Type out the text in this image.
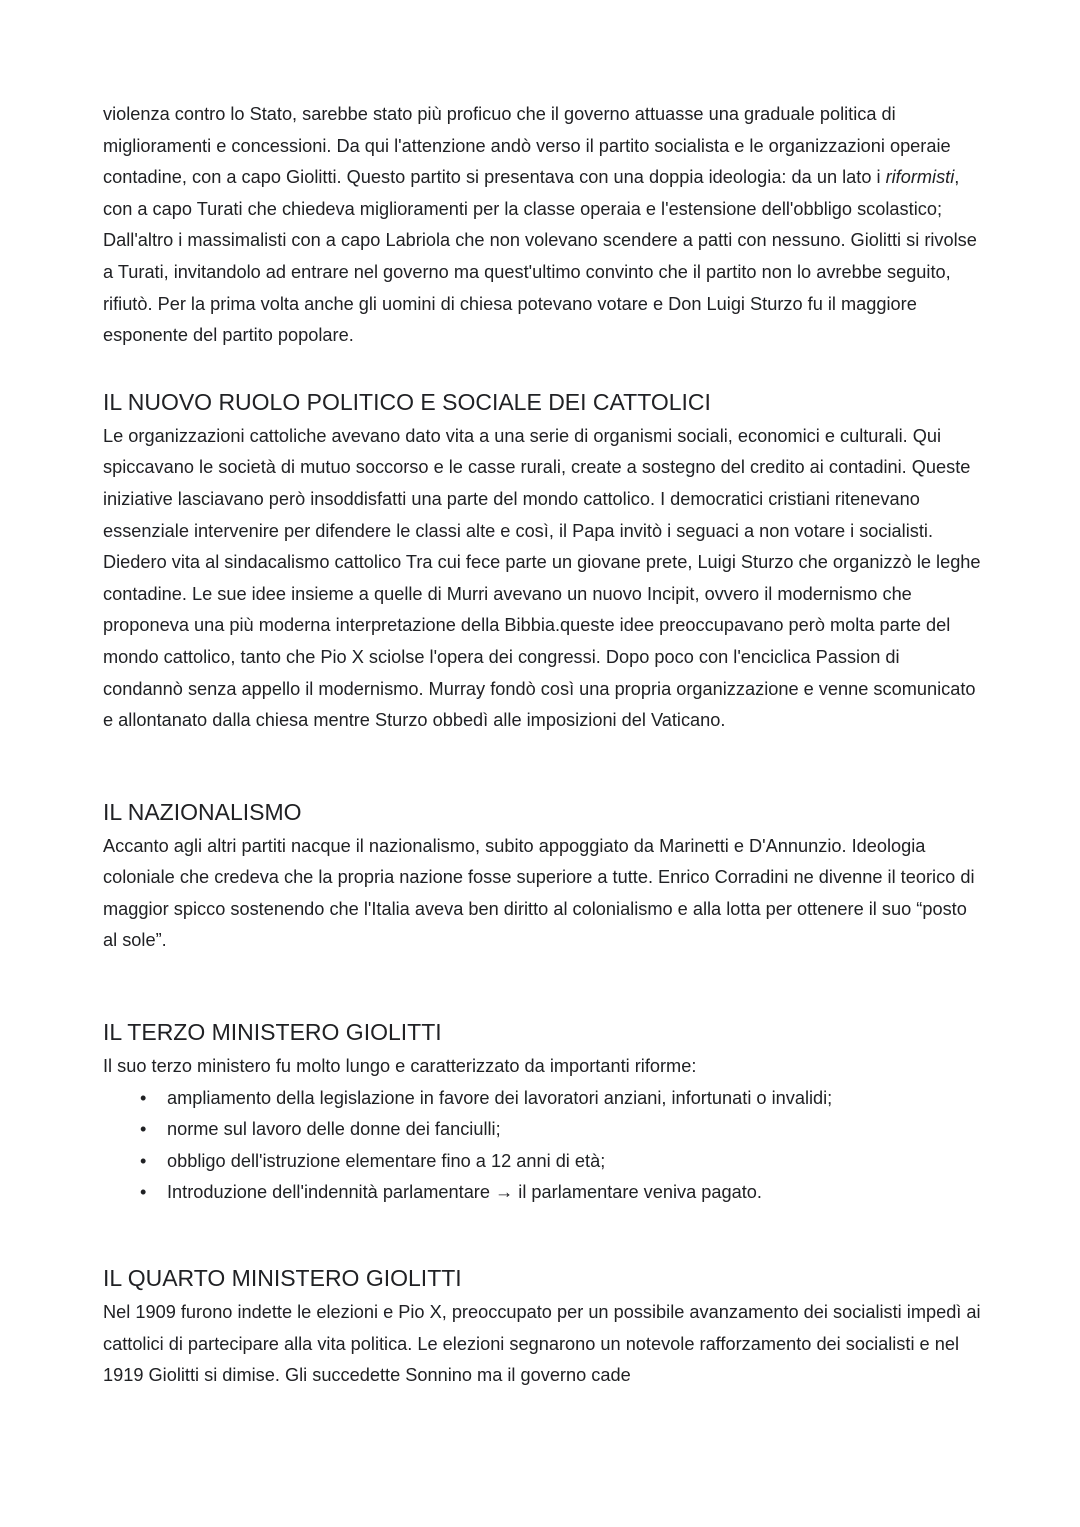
violenza contro lo Stato, sarebbe stato più proficuo che il governo attuasse una graduale politica di miglioramenti e concessioni. Da qui l'attenzione andò verso il partito socialista e le organizzazioni operaie contadine, con a capo Giolitti. Questo partito si presentava con una doppia ideologia: da un lato i riformisti, con a capo Turati che chiedeva miglioramenti per la classe operaia e l'estensione dell'obbligo scolastico; Dall'altro i massimalisti con a capo Labriola che non volevano scendere a patti con nessuno. Giolitti si rivolse a Turati, invitandolo ad entrare nel governo ma quest'ultimo convinto che il partito non lo avrebbe seguito, rifiutò. Per la prima volta anche gli uomini di chiesa potevano votare e Don Luigi Sturzo fu il maggiore esponente del partito popolare.

IL NUOVO RUOLO POLITICO E SOCIALE DEI CATTOLICI

Le organizzazioni cattoliche avevano dato vita a una serie di organismi sociali, economici e culturali. Qui spiccavano le società di mutuo soccorso e le casse rurali, create a sostegno del credito ai contadini. Queste iniziative lasciavano però insoddisfatti una parte del mondo cattolico. I democratici cristiani ritenevano essenziale intervenire per difendere le classi alte e così, il Papa invitò i seguaci a non votare i socialisti. Diedero vita al sindacalismo cattolico Tra cui fece parte un giovane prete, Luigi Sturzo che organizzò le leghe contadine. Le sue idee insieme a quelle di Murri avevano un nuovo Incipit, ovvero il modernismo che proponeva una più moderna interpretazione della Bibbia.queste idee preoccupavano però molta parte del mondo cattolico, tanto che Pio X sciolse l'opera dei congressi. Dopo poco con l'enciclica Passion di condannò senza appello il modernismo. Murray fondò così una propria organizzazione e venne scomunicato e allontanato dalla chiesa mentre Sturzo obbedì alle imposizioni del Vaticano.

IL NAZIONALISMO

Accanto agli altri partiti nacque il nazionalismo, subito appoggiato da Marinetti e D'Annunzio. Ideologia coloniale che credeva che la propria nazione fosse superiore a tutte. Enrico Corradini ne divenne il teorico di maggior spicco sostenendo che l'Italia aveva ben diritto al colonialismo e alla lotta per ottenere il suo “posto al sole”.

IL TERZO MINISTERO GIOLITTI

Il suo terzo ministero fu molto lungo e caratterizzato da importanti riforme:

• ampliamento della legislazione in favore dei lavoratori anziani, infortunati o invalidi;
• norme sul lavoro delle donne dei fanciulli;
• obbligo dell'istruzione elementare fino a 12 anni di età;
• Introduzione dell'indennità parlamentare → il parlamentare veniva pagato.
IL QUARTO MINISTERO GIOLITTI

Nel 1909 furono indette le elezioni e Pio X, preoccupato per un possibile avanzamento dei socialisti impedì ai cattolici di partecipare alla vita politica. Le elezioni segnarono un notevole rafforzamento dei socialisti e nel 1919 Giolitti si dimise. Gli succedette Sonnino ma il governo cade
